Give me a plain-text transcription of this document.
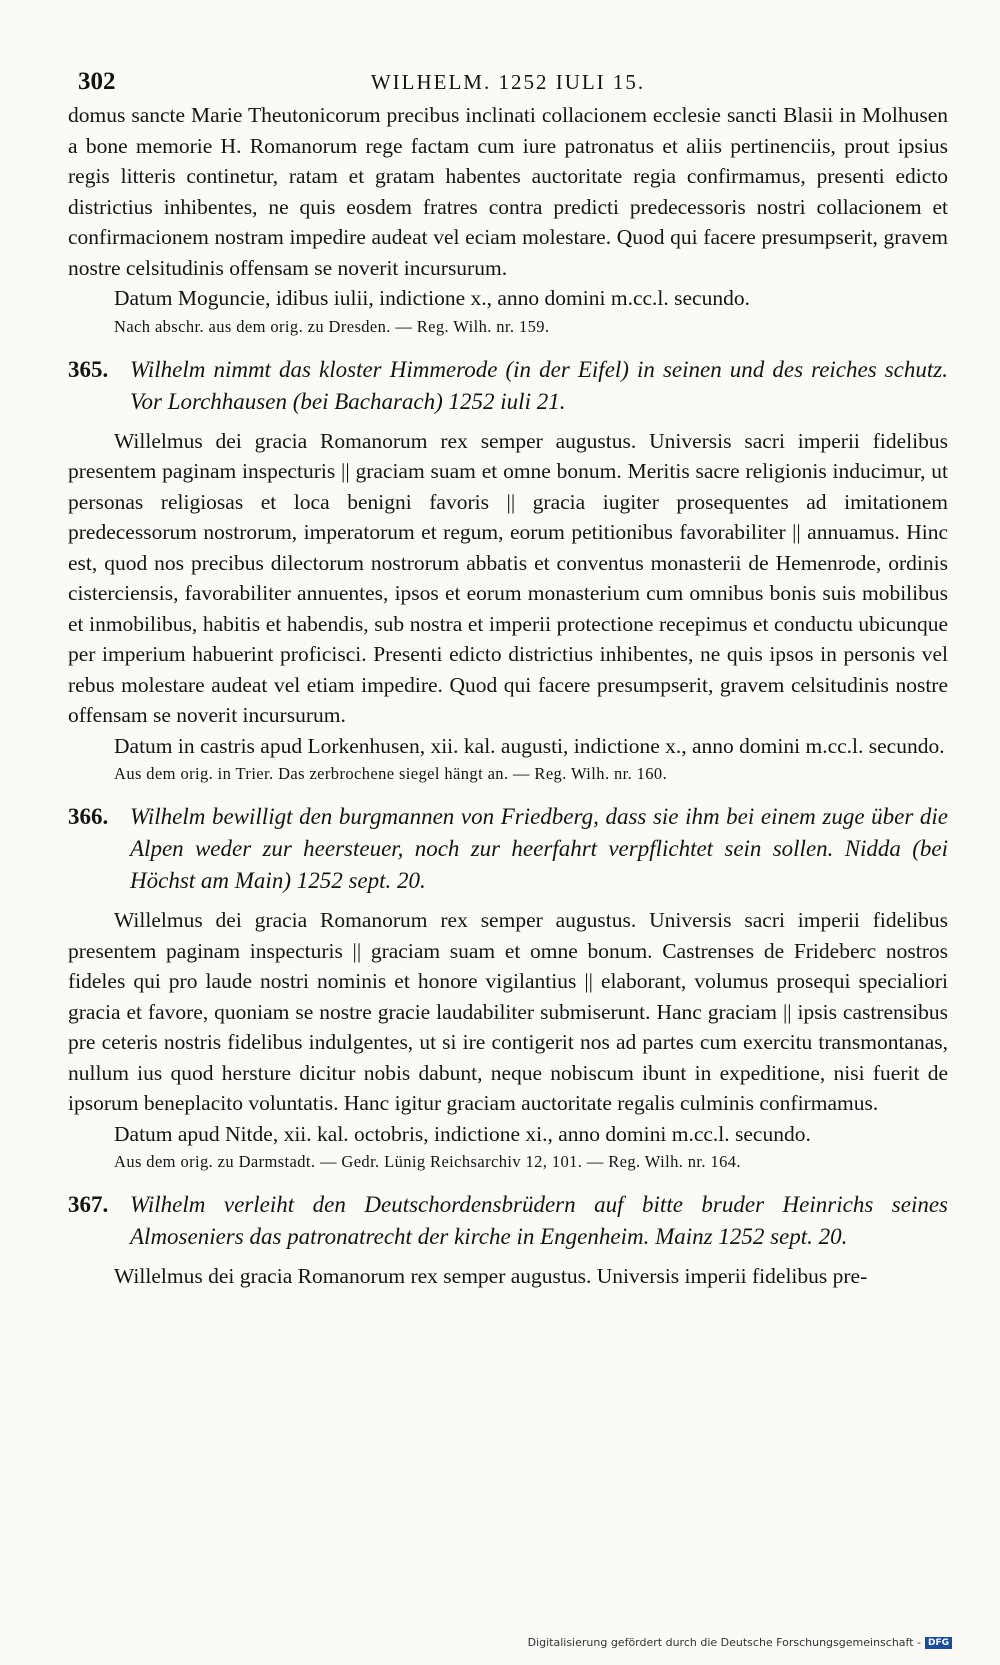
302	WILHELM. 1252 IULI 15.

domus sancte Marie Theutonicorum precibus inclinati collacionem ecclesie sancti Blasii in Molhusen a bone memorie H. Romanorum rege factam cum iure patronatus et aliis pertinenciis, prout ipsius regis litteris continetur, ratam et gratam habentes auctoritate regia confirmamus, presenti edicto districtius inhibentes, ne quis eosdem fratres contra predicti predecessoris nostri collacionem et confirmacionem nostram impedire audeat vel eciam molestare. Quod qui facere presumpserit, gravem nostre celsitudinis offensam se noverit incursurum.

Datum Moguncie, idibus iulii, indictione x., anno domini m.cc.l. secundo.

Nach abschr. aus dem orig. zu Dresden. — Reg. Wilh. nr. 159.

365. Wilhelm nimmt das kloster Himmerode (in der Eifel) in seinen und des reiches schutz. Vor Lorchhausen (bei Bacharach) 1252 iuli 21.

Willelmus dei gracia Romanorum rex semper augustus. Universis sacri imperii fidelibus presentem paginam inspecturis || graciam suam et omne bonum. Meritis sacre religionis inducimur, ut personas religiosas et loca benigni favoris || gracia iugiter prosequentes ad imitationem predecessorum nostrorum, imperatorum et regum, eorum petitionibus favorabiliter || annuamus. Hinc est, quod nos precibus dilectorum nostrorum abbatis et conventus monasterii de Hemenrode, ordinis cisterciensis, favorabiliter annuentes, ipsos et eorum monasterium cum omnibus bonis suis mobilibus et inmobilibus, habitis et habendis, sub nostra et imperii protectione recepimus et conductu ubicunque per imperium habuerint proficisci. Presenti edicto districtius inhibentes, ne quis ipsos in personis vel rebus molestare audeat vel etiam impedire. Quod qui facere presumpserit, gravem celsitudinis nostre offensam se noverit incursurum.

Datum in castris apud Lorkenhusen, xii. kal. augusti, indictione x., anno domini m.cc.l. secundo.

Aus dem orig. in Trier. Das zerbrochene siegel hängt an. — Reg. Wilh. nr. 160.

366. Wilhelm bewilligt den burgmannen von Friedberg, dass sie ihm bei einem zuge über die Alpen weder zur heersteuer, noch zur heerfahrt verpflichtet sein sollen. Nidda (bei Höchst am Main) 1252 sept. 20.

Willelmus dei gracia Romanorum rex semper augustus. Universis sacri imperii fidelibus presentem paginam inspecturis || graciam suam et omne bonum. Castrenses de Frideberc nostros fideles qui pro laude nostri nominis et honore vigilantius || elaborant, volumus prosequi specialiori gracia et favore, quoniam se nostre gracie laudabiliter submiserunt. Hanc graciam || ipsis castrensibus pre ceteris nostris fidelibus indulgentes, ut si ire contigerit nos ad partes cum exercitu transmontanas, nullum ius quod hersture dicitur nobis dabunt, neque nobiscum ibunt in expeditione, nisi fuerit de ipsorum beneplacito voluntatis. Hanc igitur graciam auctoritate regalis culminis confirmamus.

Datum apud Nitde, xii. kal. octobris, indictione xi., anno domini m.cc.l. secundo.

Aus dem orig. zu Darmstadt. — Gedr. Lünig Reichsarchiv 12, 101. — Reg. Wilh. nr. 164.

367. Wilhelm verleiht den Deutschordensbrüdern auf bitte bruder Heinrichs seines Almoseniers das patronatrecht der kirche in Engenheim. Mainz 1252 sept. 20.

Willelmus dei gracia Romanorum rex semper augustus. Universis imperii fidelibus pre-

Digitalisierung gefördert durch die Deutsche Forschungsgemeinschaft - DFG
